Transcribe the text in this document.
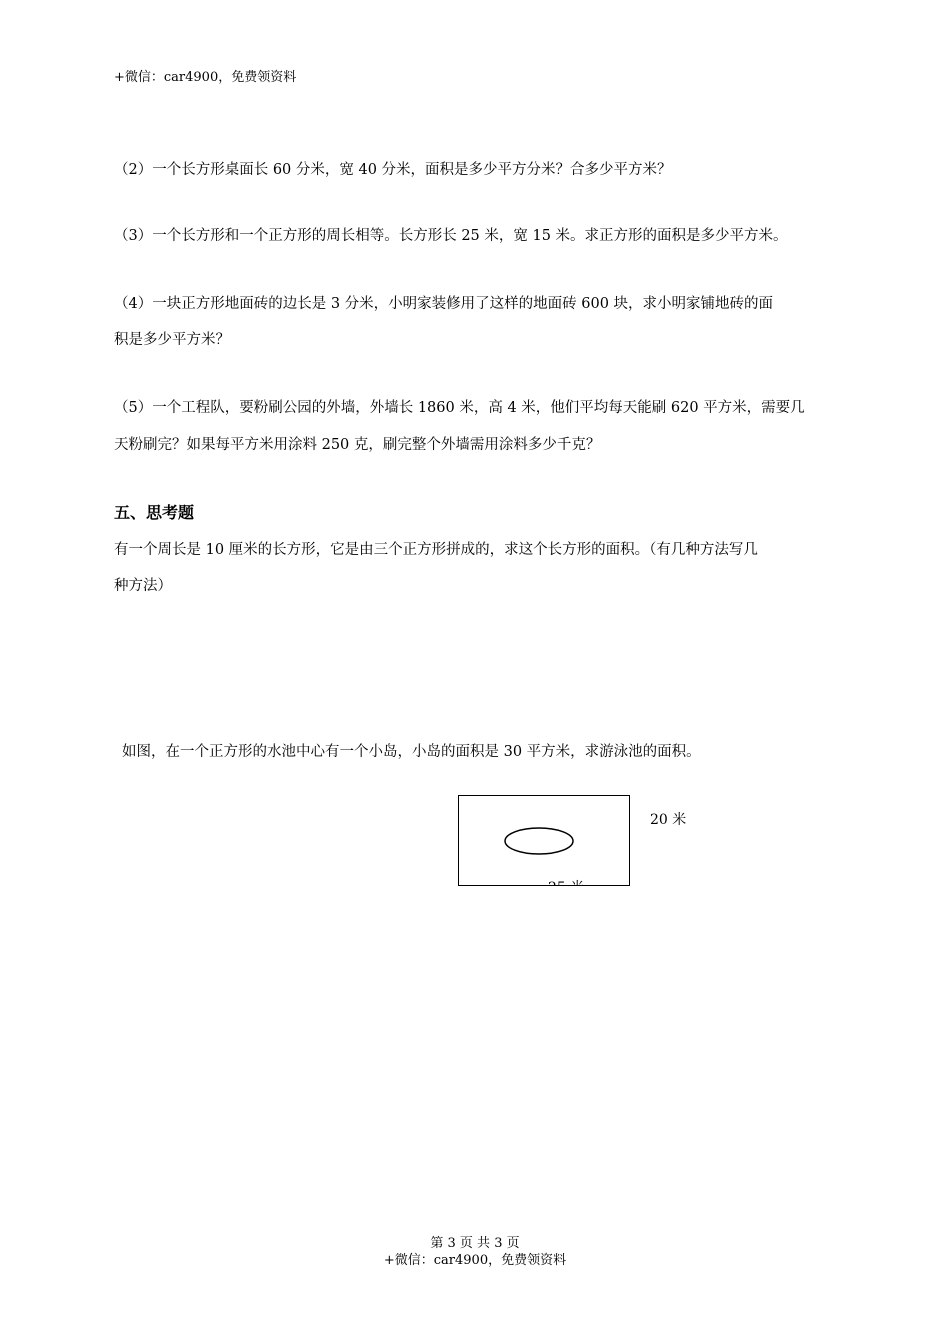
+微信：car4900，免费领资料
（2）一个长方形桌面长 60 分米，宽 40 分米，面积是多少平方分米？合多少平方米？
（3）一个长方形和一个正方形的周长相等。长方形长 25 米，宽 15 米。求正方形的面积是多少平方米。
（4）一块正方形地面砖的边长是 3 分米，小明家装修用了这样的地面砖 600 块，求小明家铺地砖的面
积是多少平方米？
（5）一个工程队，要粉刷公园的外墙，外墙长 1860 米，高 4 米，他们平均每天能刷 620 平方米，需要几
天粉刷完？如果每平方米用涂料 250 克，刷完整个外墙需用涂料多少千克？
五、思考题
有一个周长是 10 厘米的长方形，它是由三个正方形拼成的，求这个长方形的面积。（有几种方法写几
种方法）
如图，在一个正方形的水池中心有一个小岛，小岛的面积是 30 平方米，求游泳池的面积。
20 米
第 3 页 共 3 页
+微信：car4900，免费领资料
